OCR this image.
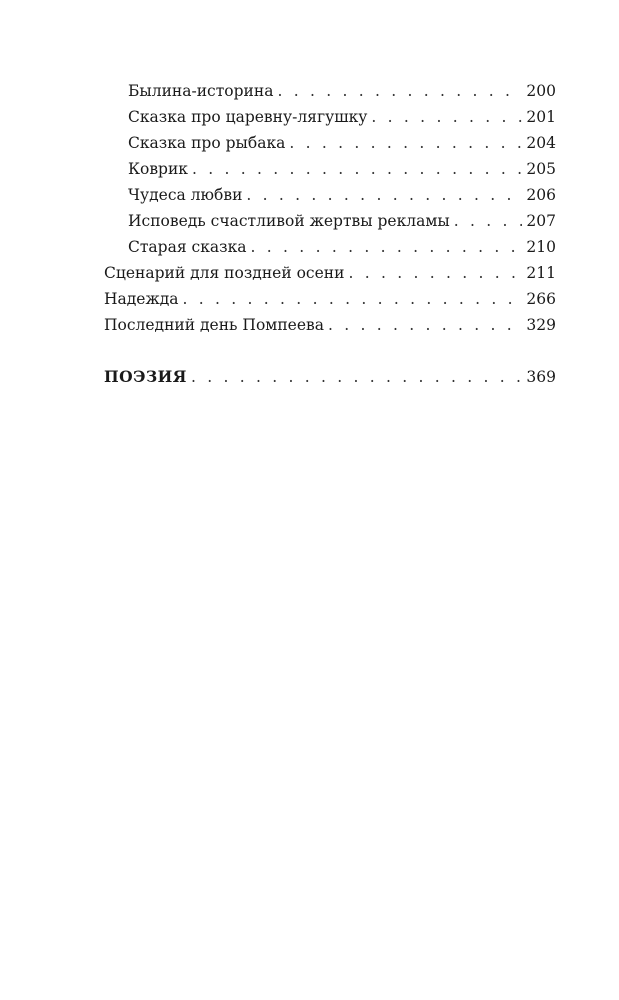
Былина-историна . . .	200
Сказка про царевну-лягушку . . .	201
Сказка про рыбака . . .	204
Коврик . . .	205
Чудеса любви . . .	206
Исповедь счастливой жертвы рекламы . . .	207
Старая сказка . . .	210
Сценарий для поздней осени . . .	211
Надежда . . .	266
Последний день Помпеева . . .	329
ПОЭЗИЯ . . .	369
